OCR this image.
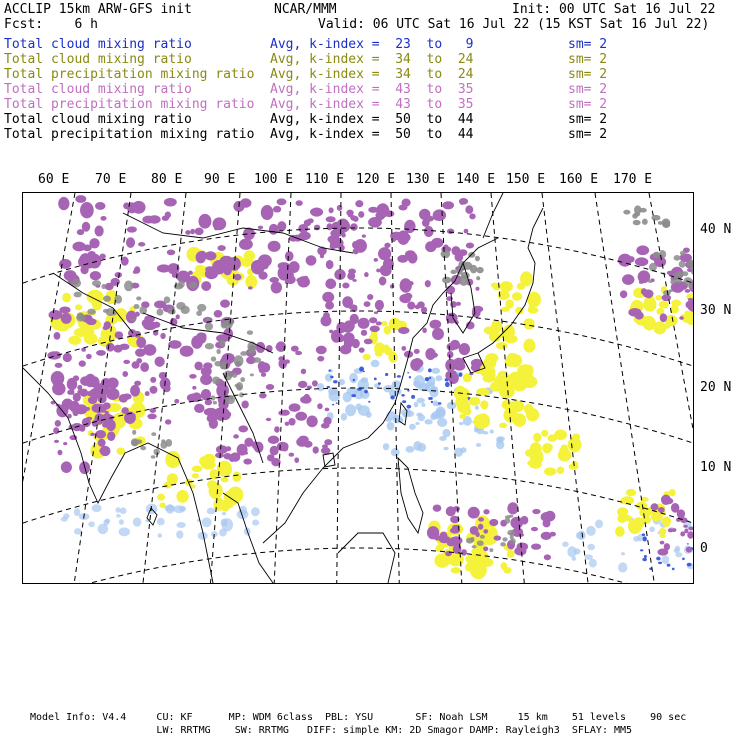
ACCLIP 15km ARW-GFS init	NCAR/MMM	Init: 00 UTC Sat 16 Jul 22
Fcst:    6 h	Valid: 06 UTC Sat 16 Jul 22 (15 KST Sat 16 Jul 22)
Total cloud mixing ratio	Avg, k-index =  23  to   9	sm= 2
Total cloud mixing ratio	Avg, k-index =  34  to  24	sm= 2
Total precipitation mixing ratio Avg, k-index =  34  to  24	sm= 2
Total cloud mixing ratio	Avg, k-index =  43  to  35	sm= 2
Total precipitation mixing ratio Avg, k-index =  43  to  35	sm= 2
Total cloud mixing ratio	Avg, k-index =  50  to  44	sm= 2
Total precipitation mixing ratio Avg, k-index =  50  to  44	sm= 2
60 E 70 E 80 E 90 E 100 E 110 E 120 E 130 E 140 E 150 E 160 E 170 E
40 N
30 N
20 N
10 N
0
Model Info: V4.4     CU: KF      MP: WDM 6class  PBL: YSU       SF: Noah LSM     15 km    51 levels    90 sec
LW: RRTMG    SW: RRTMG   DIFF: simple KM: 2D Smagor DAMP: Rayleigh3  SFLAY: MM5
